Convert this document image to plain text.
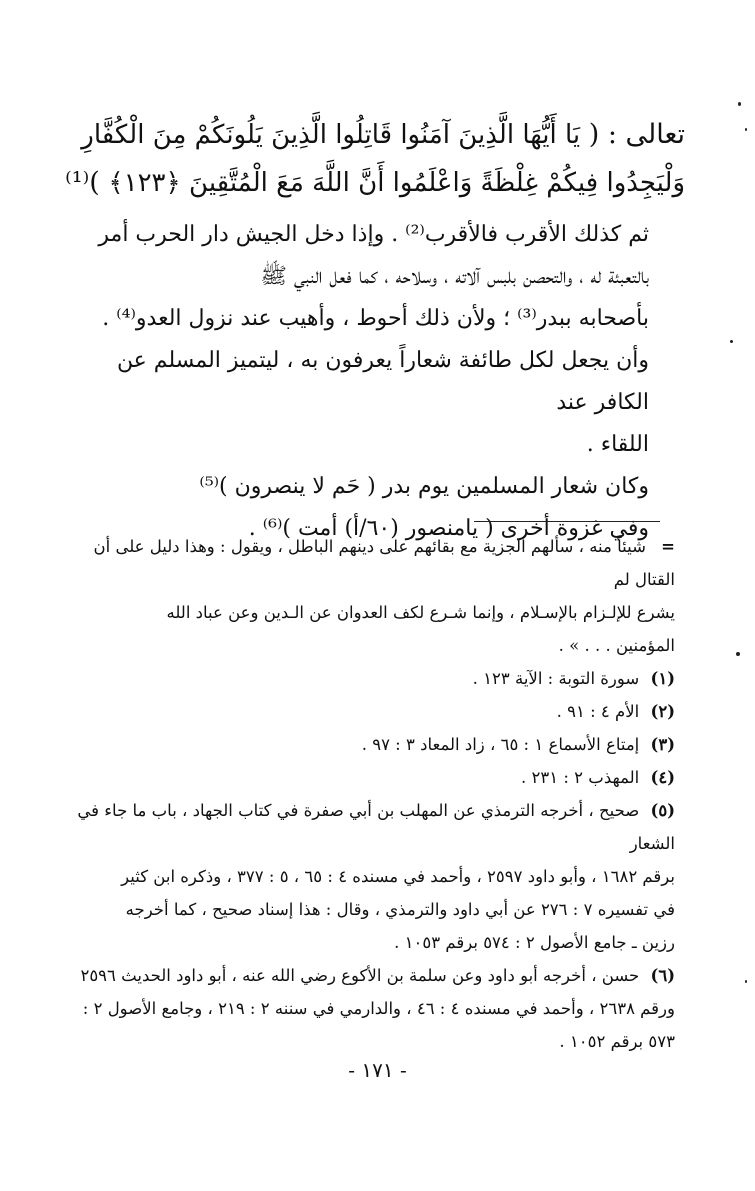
تعالى : ( يَا أَيُّهَا الَّذِينَ آمَنُوا قَاتِلُوا الَّذِينَ يَلُونَكُمْ مِنَ الْكُفَّارِ
وَلْيَجِدُوا فِيكُمْ غِلْظَةً وَاعْلَمُوا أَنَّ اللَّهَ مَعَ الْمُتَّقِينَ ﴿١٢٣﴾ )⁽¹⁾

ثم كذلك الأقرب فالأقرب⁽²⁾ . وإذا دخل الجيش دار الحرب أمر

بالتعبئة له ، والتحصن بلبس آلاته ، وسلاحه ، كما فعل النبي ﷺ

بأصحابه ببدر⁽³⁾ ؛ ولأن ذلك أحوط ، وأهيب عند نزول العدو⁽⁴⁾ .

وأن يجعل لكل طائفة شعاراً يعرفون به ، ليتميز المسلم عن الكافر عند

اللقاء .

وكان شعار المسلمين يوم بدر ( حَم لا ينصرون )⁽⁵⁾

وفي غزوة أخرى ( يامنصور (٦٠/أ) أمت )⁽⁶⁾ .

= شيئاً منه ، سألهم الجزية مع بقائهم على دينهم الباطل ، ويقول : وهذا دليل على أن القتال لم

يشرع للإلـزام بالإسـلام ، وإنما شـرع لكف العدوان عن الـدين وعن عباد الله

المؤمنين . . . » .

(١) سورة التوبة : الآية ١٢٣ .

(٢) الأم ٤ : ٩١ .

(٣) إمتاع الأسماع ١ : ٦٥ ، زاد المعاد ٣ : ٩٧ .

(٤) المهذب ٢ : ٢٣١ .

(٥) صحيح ، أخرجه الترمذي عن المهلب بن أبي صفرة في كتاب الجهاد ، باب ما جاء في الشعار

برقم ١٦٨٢ ، وأبو داود ٢٥٩٧ ، وأحمد في مسنده ٤ : ٦٥ ، ٥ : ٣٧٧ ، وذكره ابن كثير

في تفسيره ٧ : ٢٧٦ عن أبي داود والترمذي ، وقال : هذا إسناد صحيح ، كما أخرجه

رزين ـ جامع الأصول ٢ : ٥٧٤ برقم ١٠٥٣ .

(٦) حسن ، أخرجه أبو داود وعن سلمة بن الأكوع رضي الله عنه ، أبو داود الحديث ٢٥٩٦

ورقم ٢٦٣٨ ، وأحمد في مسنده ٤ : ٤٦ ، والدارمي في سننه ٢ : ٢١٩ ، وجامع الأصول ٢ :

٥٧٣ برقم ١٠٥٢ .

- ١٧١ -
